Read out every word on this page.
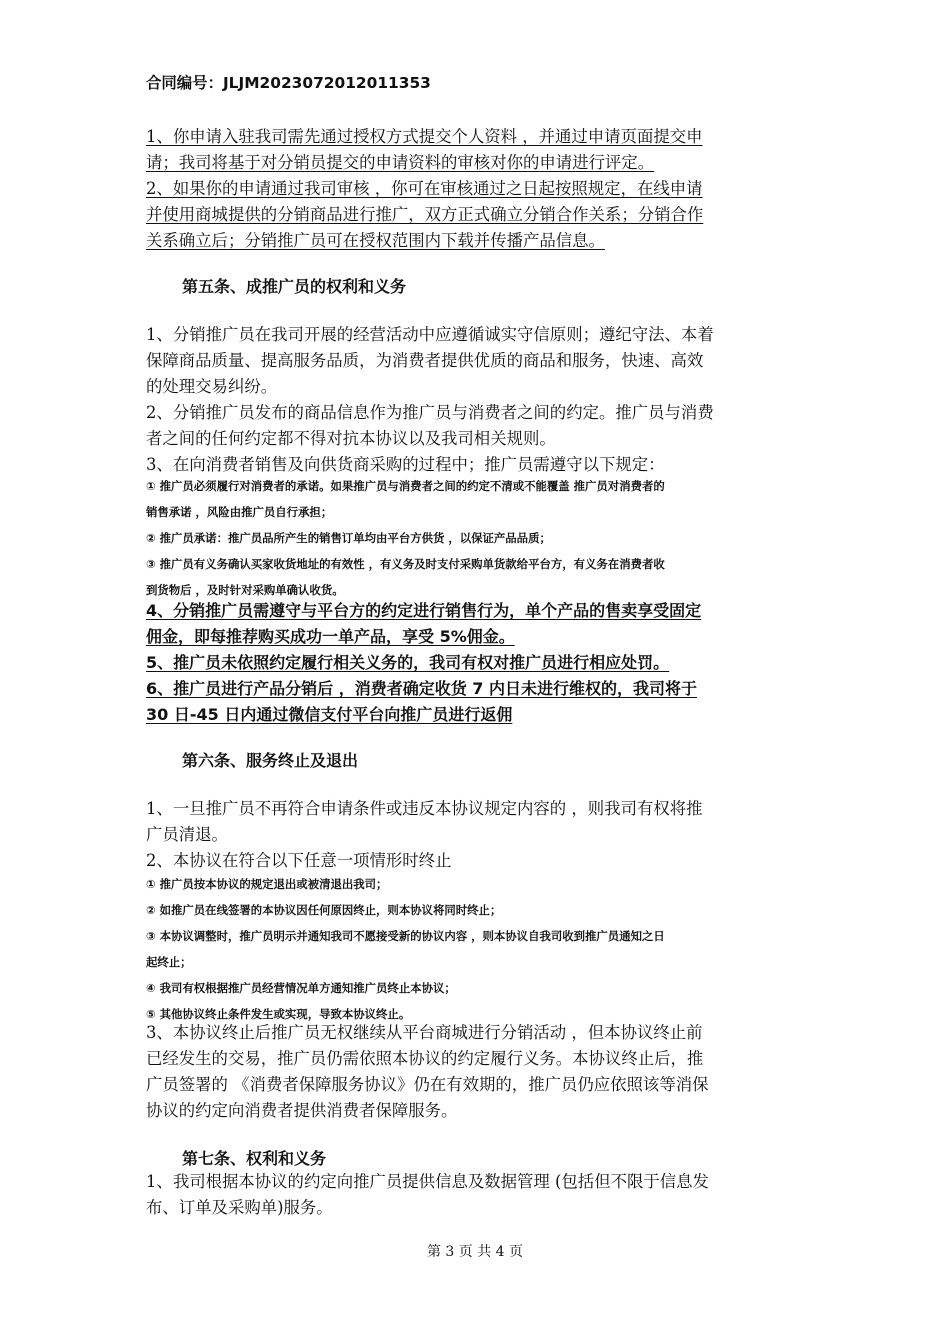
合同编号：JLJM2023072012011353
1、你申请入驻我司需先通过授权方式提交个人资料 ，并通过申请页面提交申
请；我司将基于对分销员提交的申请资料的审核对你的申请进行评定。
2、如果你的申请通过我司审核 ，你可在审核通过之日起按照规定，在线申请
并使用商城提供的分销商品进行推广，双方正式确立分销合作关系；分销合作
关系确立后；分销推广员可在授权范围内下载并传播产品信息。
第五条、成推广员的权利和义务
1、分销推广员在我司开展的经营活动中应遵循诚实守信原则；遵纪守法、本着
保障商品质量、提高服务品质，为消费者提供优质的商品和服务，快速、高效
的处理交易纠纷。
2、分销推广员发布的商品信息作为推广员与消费者之间的约定。推广员与消费
者之间的任何约定都不得对抗本协议以及我司相关规则。
3、在向消费者销售及向供货商采购的过程中；推广员需遵守以下规定：
① 推广员必须履行对消费者的承诺。如果推广员与消费者之间的约定不清或不能覆盖 推广员对消费者的
销售承诺 ，风险由推广员自行承担；
② 推广员承诺：推广员品所产生的销售订单均由平台方供货 ，以保证产品品质；
③ 推广员有义务确认买家收货地址的有效性 ，有义务及时支付采购单货款给平台方，有义务在消费者收
到货物后 ，及时针对采购单确认收货。
4、分销推广员需遵守与平台方的约定进行销售行为，单个产品的售卖享受固定
佣金，即每推荐购买成功一单产品，享受 5%佣金。
5、推广员未依照约定履行相关义务的，我司有权对推广员进行相应处罚。
6、推广员进行产品分销后 ，消费者确定收货 7 内日未进行维权的，我司将于
30 日-45 日内通过微信支付平台向推广员进行返佣
第六条、服务终止及退出
1、一旦推广员不再符合申请条件或违反本协议规定内容的 ，则我司有权将推
广员清退。
2、本协议在符合以下任意一项情形时终止
① 推广员按本协议的规定退出或被清退出我司；
② 如推广员在线签署的本协议因任何原因终止，则本协议将同时终止；
③ 本协议调整时，推广员明示并通知我司不愿接受新的协议内容 ，则本协议自我司收到推广员通知之日
起终止；
④ 我司有权根据推广员经营情况单方通知推广员终止本协议；
⑤ 其他协议终止条件发生或实现，导致本协议终止。
3、本协议终止后推广员无权继续从平台商城进行分销活动 ，但本协议终止前
已经发生的交易，推广员仍需依照本协议的约定履行义务。本协议终止后，推
广员签署的 《消费者保障服务协议》仍在有效期的，推广员仍应依照该等消保
协议的约定向消费者提供消费者保障服务。
第七条、权利和义务
1、我司根据本协议的约定向推广员提供信息及数据管理 (包括但不限于信息发
布、订单及采购单)服务。
第 3 页 共 4 页
